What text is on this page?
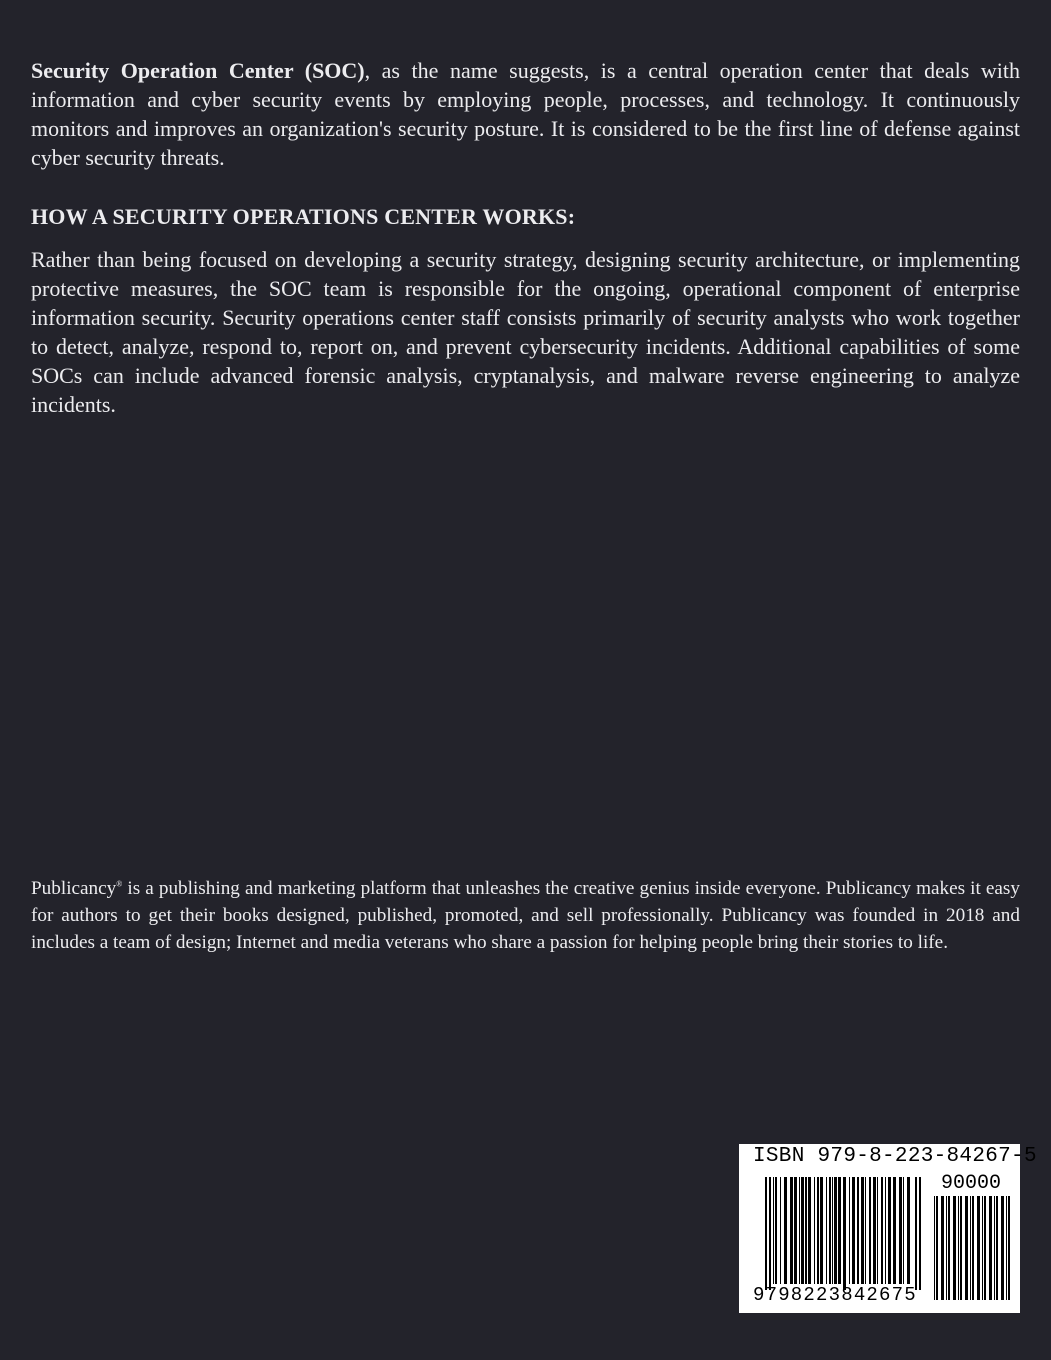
Security Operation Center (SOC), as the name suggests, is a central operation center that deals with information and cyber security events by employing people, processes, and technology. It continuously monitors and improves an organization's security posture. It is considered to be the first line of defense against cyber security threats.

HOW A SECURITY OPERATIONS CENTER WORKS:

Rather than being focused on developing a security strategy, designing security architecture, or implementing protective measures, the SOC team is responsible for the ongoing, operational component of enterprise information security. Security operations center staff consists primarily of security analysts who work together to detect, analyze, respond to, report on, and prevent cybersecurity incidents. Additional capabilities of some SOCs can include advanced forensic analysis, cryptanalysis, and malware reverse engineering to analyze incidents.

Publicancy® is a publishing and marketing platform that unleashes the creative genius inside everyone. Publicancy makes it easy for authors to get their books designed, published, promoted, and sell professionally. Publicancy was founded in 2018 and includes a team of design; Internet and media veterans who share a passion for helping people bring their stories to life.

ISBN 979-8-223-84267-5
90000
9798223842675
